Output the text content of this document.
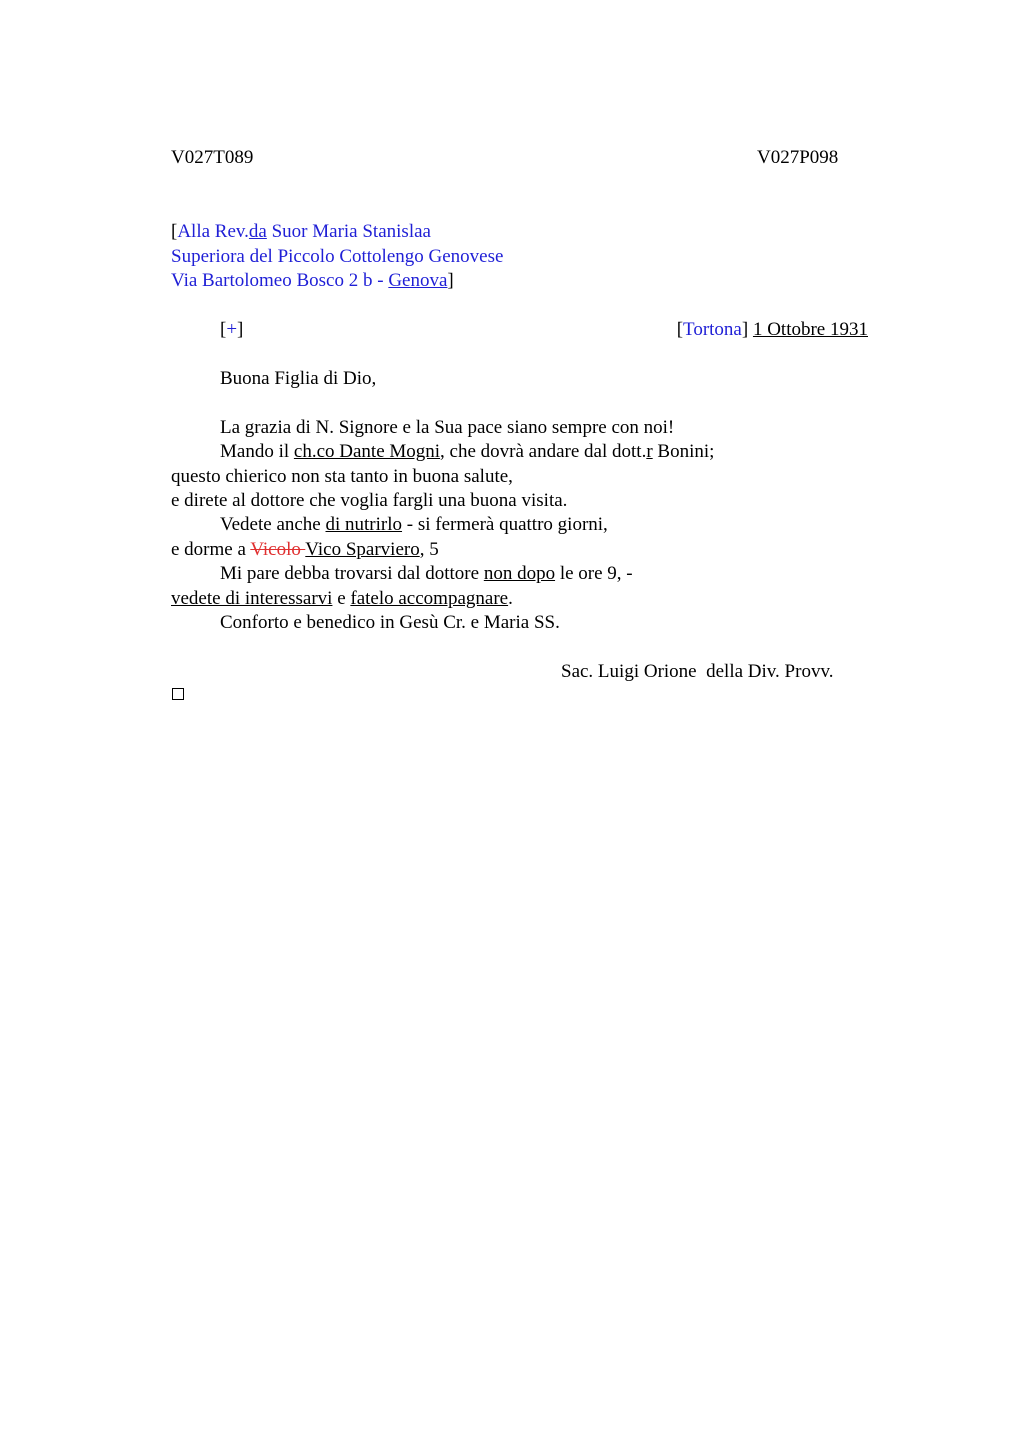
V027T089	V027P098
[Alla Rev.da Suor Maria Stanislaa
Superiora del Piccolo Cottolengo Genovese
Via Bartolomeo Bosco 2 b - Genova]
[+]	[Tortona] 1 Ottobre 1931
Buona Figlia di Dio,
La grazia di N. Signore e la Sua pace siano sempre con noi!
Mando il ch.co Dante Mogni, che dovrà andare dal dott.r Bonini;
questo chierico non sta tanto in buona salute,
e direte al dottore che voglia fargli una buona visita.
Vedete anche di nutrirlo - si fermerà quattro giorni,
e dorme a Vicolo Vico Sparviero, 5
Mi pare debba trovarsi dal dottore non dopo le ore 9, -
vedete di interessarvi e fatelo accompagnare.
Conforto e benedico in Gesù Cr. e Maria SS.
Sac. Luigi Orione  della Div. Provv.
